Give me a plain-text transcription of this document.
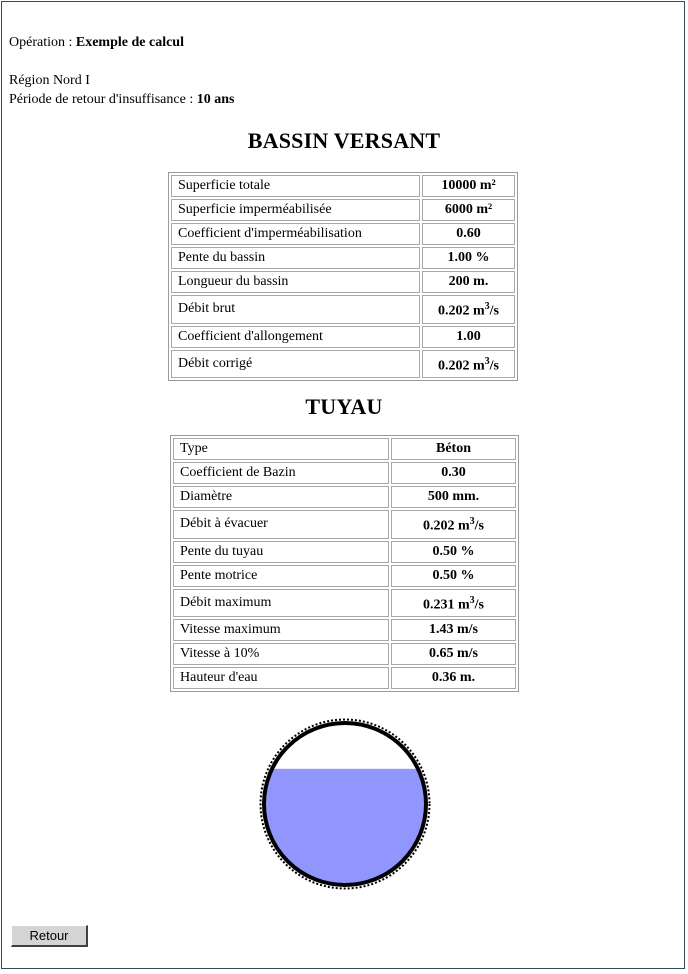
Opération : Exemple de calcul
Région Nord I
Période de retour d'insuffisance : 10 ans
BASSIN VERSANT
Superficie totale	10000 m²
Superficie imperméabilisée	6000 m²
Coefficient d'imperméabilisation	0.60
Pente du bassin	1.00 %
Longueur du bassin	200 m.
Débit brut	0.202 $m^3/s$
Coefficient d'allongement	1.00
Débit corrigé	0.202 $m^3/s$
TUYAU
Type	Béton
Coefficient de Bazin	0.30
Diamètre	500 mm.
Débit à évacuer	0.202 $m^3/s$
Pente du tuyau	0.50 %
Pente motrice	0.50 %
Débit maximum	0.231 $m^3/s$
Vitesse maximum	1.43 m/s
Vitesse à 10%	0.65 m/s
Hauteur d'eau	0.36 m.
Retour
